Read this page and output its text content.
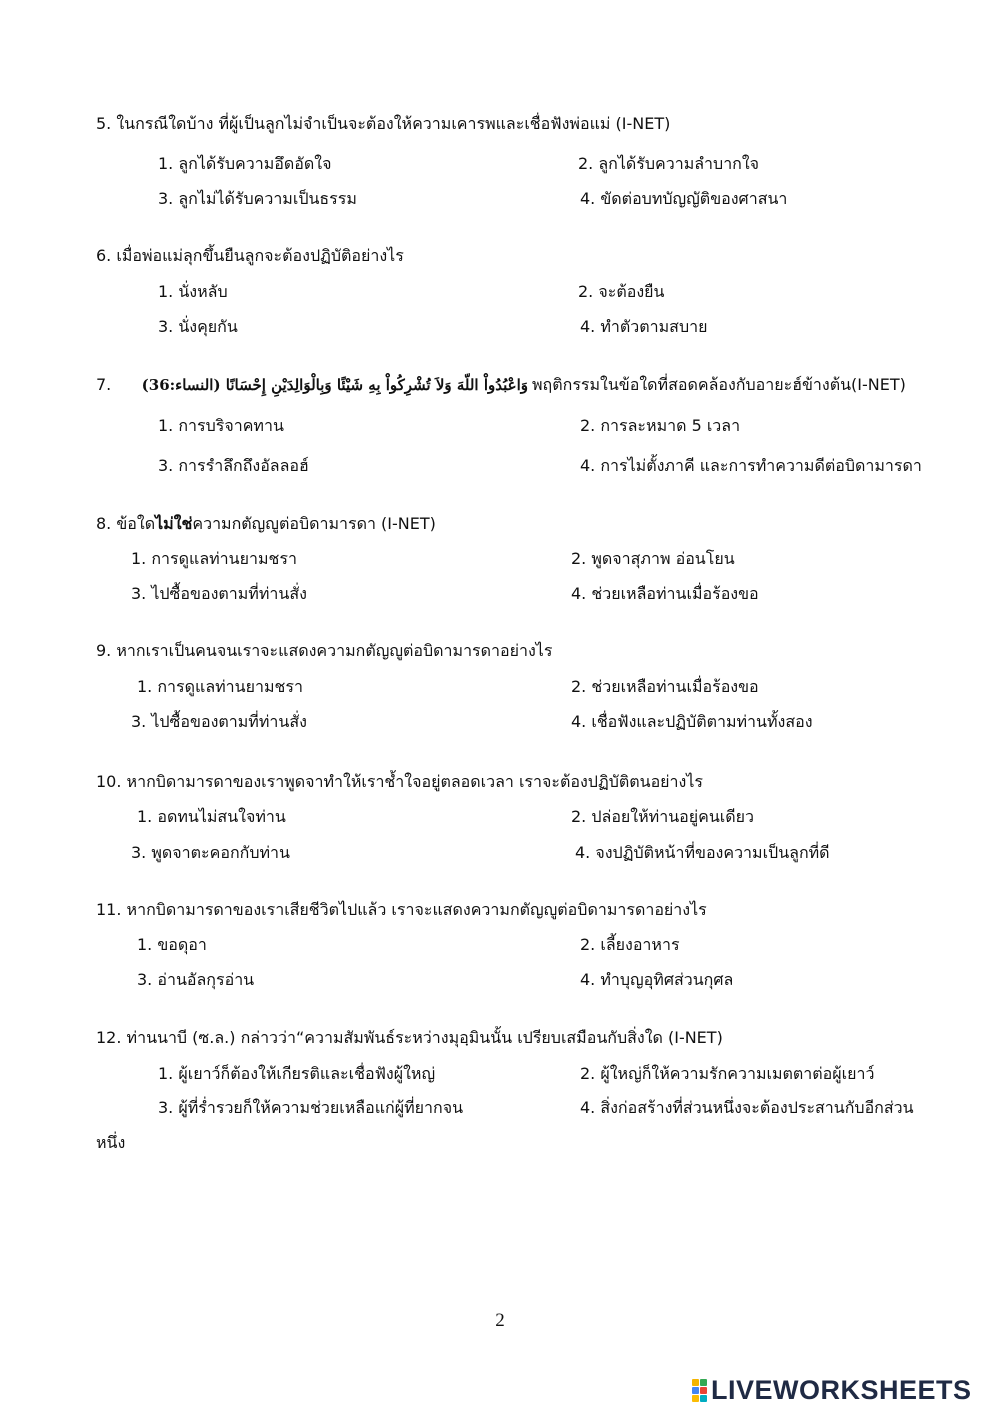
5. ในกรณีใดบ้าง ที่ผู้เป็นลูกไม่จำเป็นจะต้องให้ความเคารพและเชื่อฟังพ่อแม่ (I-NET)
1. ลูกได้รับความอึดอัดใจ	2. ลูกได้รับความลำบากใจ
3. ลูกไม่ได้รับความเป็นธรรม	4. ขัดต่อบทบัญญัติของศาสนา
6. เมื่อพ่อแม่ลุกขึ้นยืนลูกจะต้องปฏิบัติอย่างไร
1. นั่งหลับ	2. จะต้องยืน
3. นั่งคุยกัน	4. ทำตัวตามสบาย
7.	وَاعْبُدُواْ اللّهَ وَلاَ تُشْرِكُواْ بِهِ شَيْئًا وَبِالْوَالِدَيْنِ إِحْسَانًا (النساء:36) พฤติกรรมในข้อใดที่สอดคล้องกับอายะฮ์ข้างต้น(I-NET)
1. การบริจาคทาน	2. การละหมาด 5 เวลา
3. การรำลึกถึงอัลลอฮ์	4. การไม่ตั้งภาคี และการทำความดีต่อบิดามารดา
8. ข้อใดไม่ใช่ความกตัญญูต่อบิดามารดา (I-NET)
1. การดูแลท่านยามชรา	2. พูดจาสุภาพ อ่อนโยน
3. ไปซื้อของตามที่ท่านสั่ง	4. ช่วยเหลือท่านเมื่อร้องขอ
9. หากเราเป็นคนจนเราจะแสดงความกตัญญูต่อบิดามารดาอย่างไร
1. การดูแลท่านยามชรา	2. ช่วยเหลือท่านเมื่อร้องขอ
3. ไปซื้อของตามที่ท่านสั่ง	4. เชื่อฟังและปฏิบัติตามท่านทั้งสอง
10. หากบิดามารดาของเราพูดจาทำให้เราช้ำใจอยู่ตลอดเวลา เราจะต้องปฏิบัติตนอย่างไร
1. อดทนไม่สนใจท่าน	2. ปล่อยให้ท่านอยู่คนเดียว
3. พูดจาตะคอกกับท่าน	4. จงปฏิบัติหน้าที่ของความเป็นลูกที่ดี
11. หากบิดามารดาของเราเสียชีวิตไปแล้ว เราจะแสดงความกตัญญูต่อบิดามารดาอย่างไร
1. ขอดุอา	2. เลี้ยงอาหาร
3. อ่านอัลกุรอ่าน	4. ทำบุญอุทิศส่วนกุศล
12. ท่านนาบี (ซ.ล.) กล่าวว่า“ความสัมพันธ์ระหว่างมุอฺมินนั้น เปรียบเสมือนกับสิ่งใด (I-NET)
1. ผู้เยาว์ก็ต้องให้เกียรติและเชื่อฟังผู้ใหญ่	2. ผู้ใหญ่ก็ให้ความรักความเมตตาต่อผู้เยาว์
3. ผู้ที่ร่ำรวยก็ให้ความช่วยเหลือแก่ผู้ที่ยากจน	4. สิ่งก่อสร้างที่ส่วนหนึ่งจะต้องประสานกับอีกส่วน
หนึ่ง
2
LIVEWORKSHEETS
